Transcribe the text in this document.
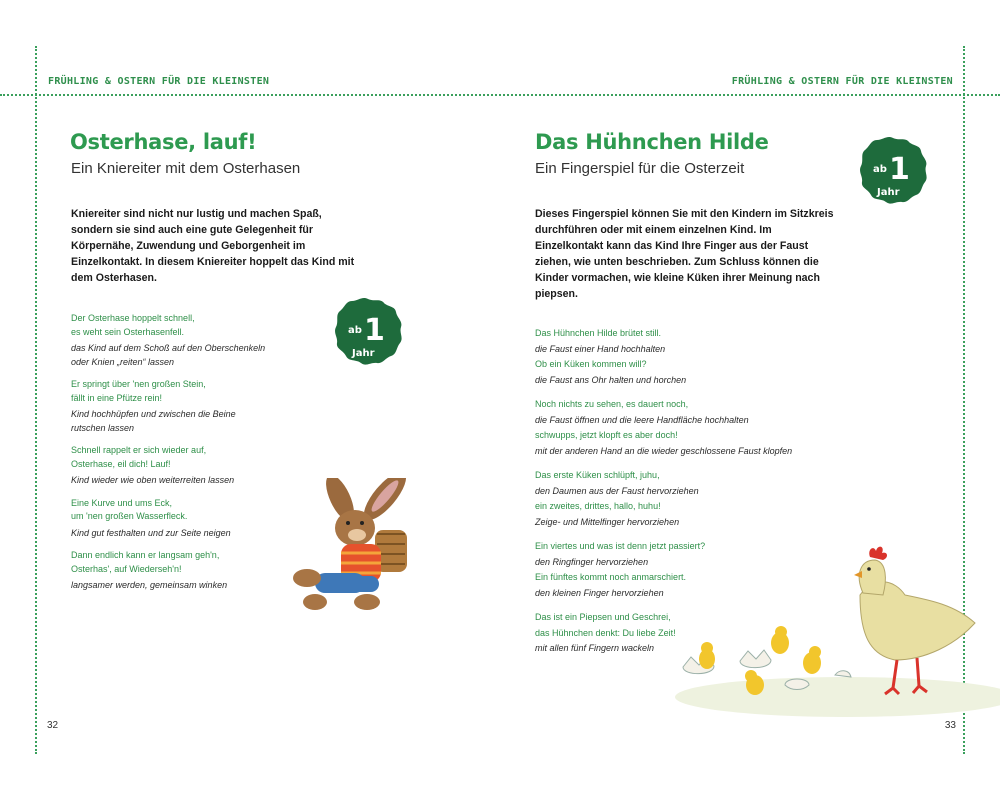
FRÜHLING & OSTERN FÜR DIE KLEINSTEN	FRÜHLING & OSTERN FÜR DIE KLEINSTEN
Osterhase, lauf!
Ein Kniereiter mit dem Osterhasen
Kniereiter sind nicht nur lustig und machen Spaß, sondern sie sind auch eine gute Gelegenheit für Körpernähe, Zuwendung und Geborgenheit im Einzelkontakt. In diesem Kniereiter hoppelt das Kind mit dem Osterhasen.
Der Osterhase hoppelt schnell,
es weht sein Osterhasenfell.
das Kind auf dem Schoß auf den Oberschenkeln
oder Knien „reiten“ lassen
Er springt über 'nen großen Stein,
fällt in eine Pfütze rein!
Kind hochhüpfen und zwischen die Beine
rutschen lassen
Schnell rappelt er sich wieder auf,
Osterhase, eil dich! Lauf!
Kind wieder wie oben weiterreiten lassen
Eine Kurve und ums Eck,
um 'nen großen Wasserfleck.
Kind gut festhalten und zur Seite neigen
Dann endlich kann er langsam geh'n,
Osterhas', auf Wiederseh'n!
langsamer werden, gemeinsam winken
ab 1
Jahr
32
Das Hühnchen Hilde
Ein Fingerspiel für die Osterzeit
Dieses Fingerspiel können Sie mit den Kindern im Sitzkreis durchführen oder mit einem einzelnen Kind. Im Einzelkontakt kann das Kind Ihre Finger aus der Faust ziehen, wie unten beschrieben. Zum Schluss können die Kinder vormachen, wie kleine Küken ihrer Meinung nach piepsen.
ab 1
Jahr
Das Hühnchen Hilde brütet still.
die Faust einer Hand hochhalten
Ob ein Küken kommen will?
die Faust ans Ohr halten und horchen
Noch nichts zu sehen, es dauert noch,
die Faust öffnen und die leere Handfläche hochhalten
schwupps, jetzt klopft es aber doch!
mit der anderen Hand an die wieder geschlossene Faust klopfen
Das erste Küken schlüpft, juhu,
den Daumen aus der Faust hervorziehen
ein zweites, drittes, hallo, huhu!
Zeige- und Mittelfinger hervorziehen
Ein viertes und was ist denn jetzt passiert?
den Ringfinger hervorziehen
Ein fünftes kommt noch anmarschiert.
den kleinen Finger hervorziehen
Das ist ein Piepsen und Geschrei,
das Hühnchen denkt: Du liebe Zeit!
mit allen fünf Fingern wackeln
33
